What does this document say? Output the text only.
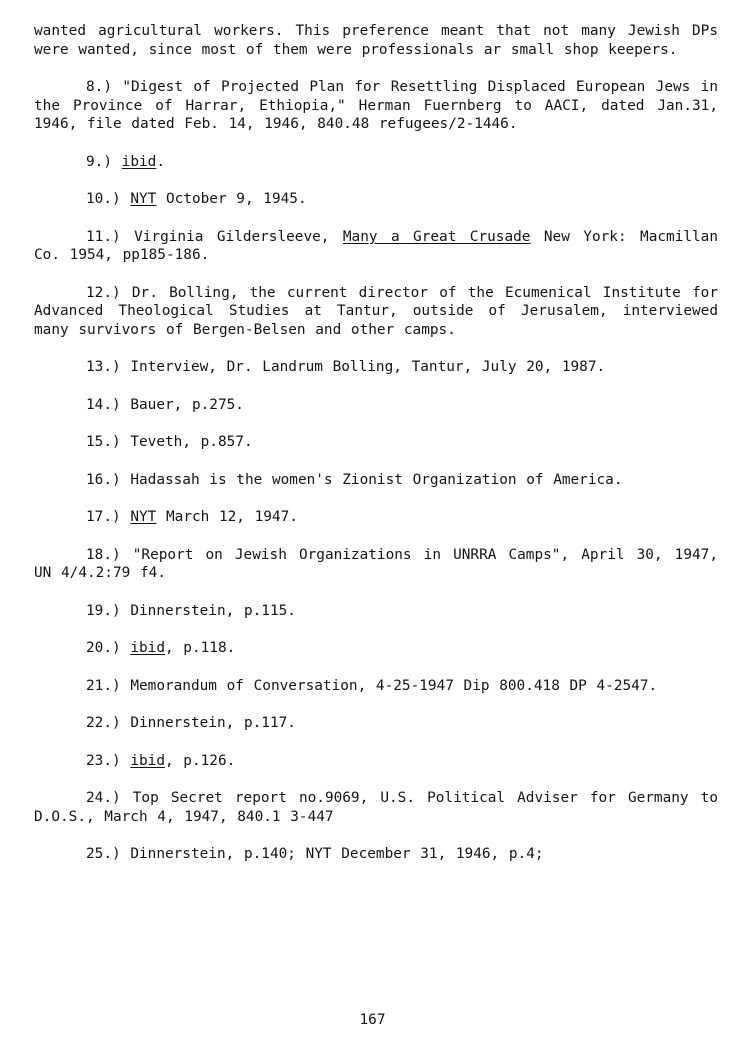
wanted agricultural workers. This preference meant that not many Jewish DPs were wanted, since most of them were professionals ar small shop keepers.

8.) "Digest of Projected Plan for Resettling Displaced European Jews in the Province of Harrar, Ethiopia," Herman Fuernberg to AACI, dated Jan.31, 1946, file dated Feb. 14, 1946, 840.48 refugees/2-1446.

9.) ibid.

10.) NYT October 9, 1945.

11.) Virginia Gildersleeve, Many a Great Crusade New York: Macmillan Co. 1954, pp185-186.

12.) Dr. Bolling, the current director of the Ecumenical Institute for Advanced Theological Studies at Tantur, outside of Jerusalem, interviewed many survivors of Bergen-Belsen and other camps.

13.) Interview, Dr. Landrum Bolling, Tantur, July 20, 1987.

14.) Bauer, p.275.

15.) Teveth, p.857.

16.) Hadassah is the women's Zionist Organization of America.

17.) NYT March 12, 1947.

18.) "Report on Jewish Organizations in UNRRA Camps", April 30, 1947, UN 4/4.2:79 f4.

19.) Dinnerstein, p.115.

20.) ibid, p.118.

21.) Memorandum of Conversation, 4-25-1947 Dip 800.418 DP 4-2547.

22.) Dinnerstein, p.117.

23.) ibid, p.126.

24.) Top Secret report no.9069, U.S. Political Adviser for Germany to D.O.S., March 4, 1947, 840.1 3-447

25.) Dinnerstein, p.140; NYT December 31, 1946, p.4;

167
